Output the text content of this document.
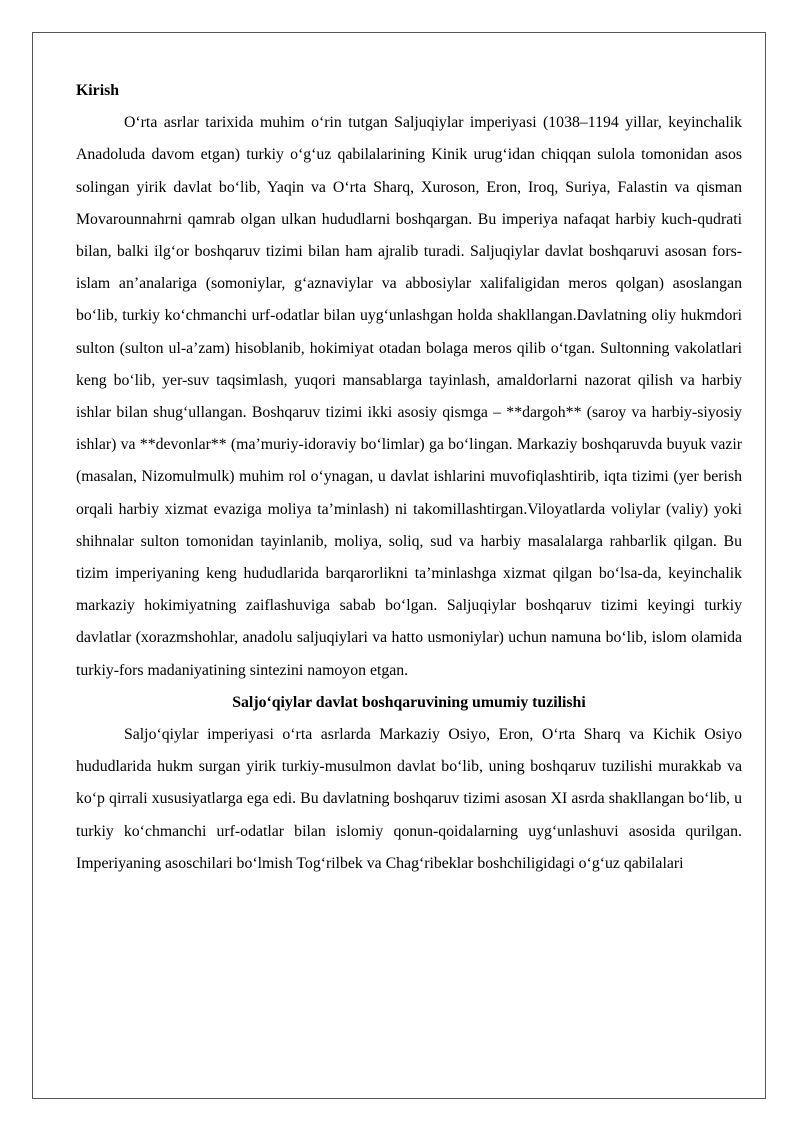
Kirish

O‘rta asrlar tarixida muhim o‘rin tutgan Saljuqiylar imperiyasi (1038–1194 yillar, keyinchalik Anadoluda davom etgan) turkiy o‘g‘uz qabilalarining Kinik urug‘idan chiqqan sulola tomonidan asos solingan yirik davlat bo‘lib, Yaqin va O‘rta Sharq, Xuroson, Eron, Iroq, Suriya, Falastin va qisman Movarounnahrni qamrab olgan ulkan hududlarni boshqargan. Bu imperiya nafaqat harbiy kuch-qudrati bilan, balki ilg‘or boshqaruv tizimi bilan ham ajralib turadi. Saljuqiylar davlat boshqaruvi asosan fors-islam an’analariga (somoniylar, g‘aznaviylar va abbosiylar xalifaligidan meros qolgan) asoslangan bo‘lib, turkiy ko‘chmanchi urf-odatlar bilan uyg‘unlashgan holda shakllangan.Davlatning oliy hukmdori sulton (sulton ul-a’zam) hisoblanib, hokimiyat otadan bolaga meros qilib o‘tgan. Sultonning vakolatlari keng bo‘lib, yer-suv taqsimlash, yuqori mansablarga tayinlash, amaldorlarni nazorat qilish va harbiy ishlar bilan shug‘ullangan. Boshqaruv tizimi ikki asosiy qismga – **dargoh** (saroy va harbiy-siyosiy ishlar) va **devonlar** (ma’muriy-idoraviy bo‘limlar) ga bo‘lingan. Markaziy boshqaruvda buyuk vazir (masalan, Nizomulmulk) muhim rol o‘ynagan, u davlat ishlarini muvofiqlashtirib, iqta tizimi (yer berish orqali harbiy xizmat evaziga moliya ta’minlash) ni takomillashtirgan.Viloyatlarda voliylar (valiy) yoki shihnalar sulton tomonidan tayinlanib, moliya, soliq, sud va harbiy masalalarga rahbarlik qilgan. Bu tizim imperiyaning keng hududlarida barqarorlikni ta’minlashga xizmat qilgan bo‘lsa-da, keyinchalik markaziy hokimiyatning zaiflashuviga sabab bo‘lgan. Saljuqiylar boshqaruv tizimi keyingi turkiy davlatlar (xorazmshohlar, anadolu saljuqiylari va hatto usmoniylar) uchun namuna bo‘lib, islom olamida turkiy-fors madaniyatining sintezini namoyon etgan.

Saljo‘qiylar davlat boshqaruvining umumiy tuzilishi

Saljo‘qiylar imperiyasi o‘rta asrlarda Markaziy Osiyo, Eron, O‘rta Sharq va Kichik Osiyo hududlarida hukm surgan yirik turkiy-musulmon davlat bo‘lib, uning boshqaruv tuzilishi murakkab va ko‘p qirrali xususiyatlarga ega edi. Bu davlatning boshqaruv tizimi asosan XI asrda shakllangan bo‘lib, u turkiy ko‘chmanchi urf-odatlar bilan islomiy qonun-qoidalarning uyg‘unlashuvi asosida qurilgan. Imperiyaning asoschilari bo‘lmish Tog‘rilbek va Chag‘ribeklar boshchiligidagi o‘g‘uz qabilalari
